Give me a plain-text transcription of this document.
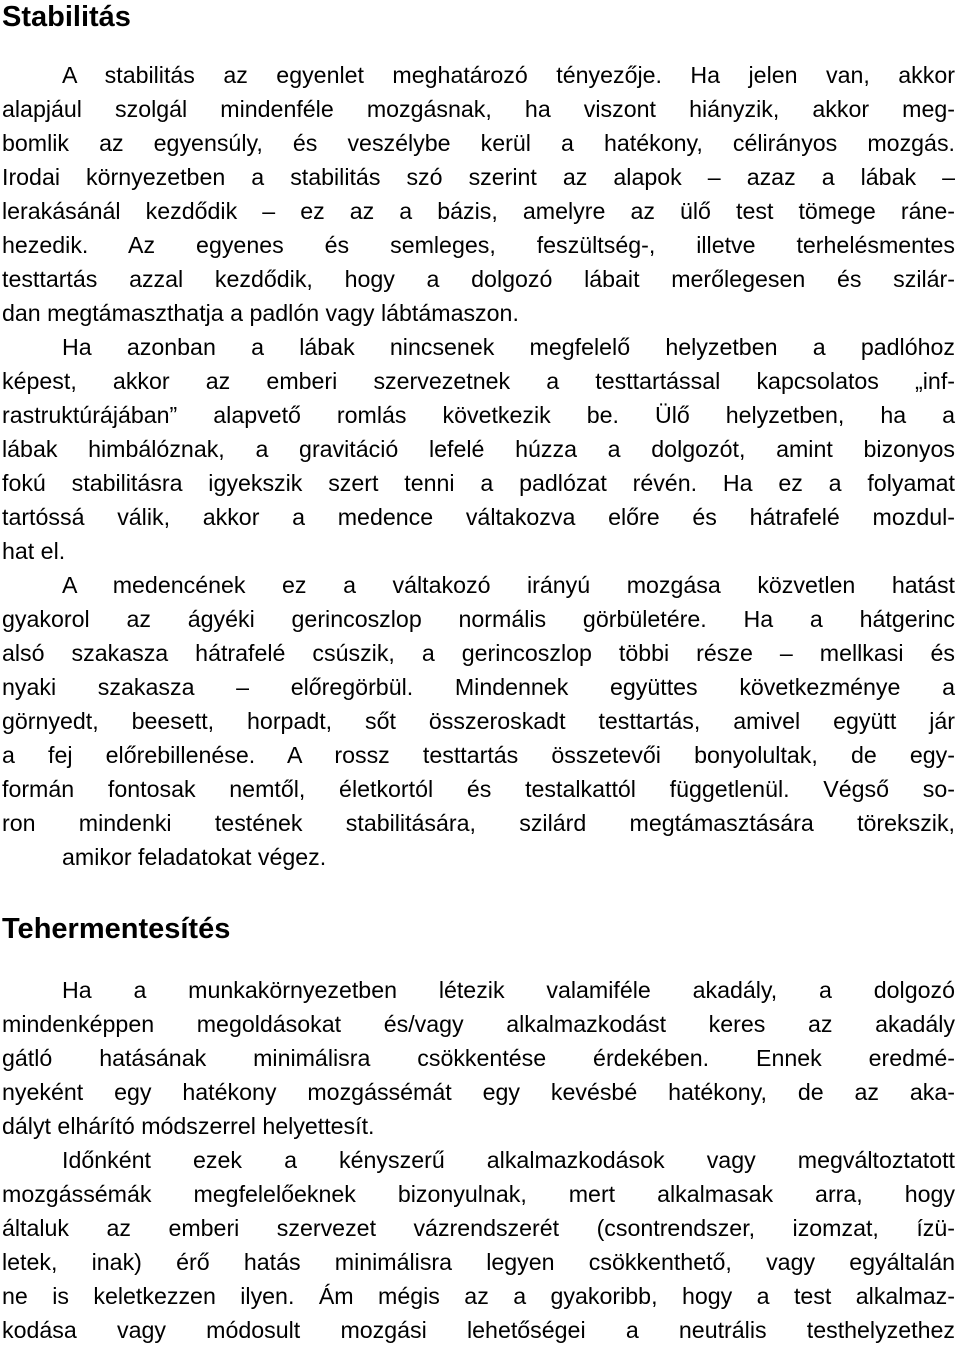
Stabilitás
A stabilitás az egyenlet meghatározó tényezője. Ha jelen van, akkor
alapjául szolgál mindenféle mozgásnak, ha viszont hiányzik, akkor meg-
bomlik az egyensúly, és veszélybe kerül a hatékony, célirányos mozgás.
Irodai környezetben a stabilitás szó szerint az alapok – azaz a lábak –
lerakásánál kezdődik – ez az a bázis, amelyre az ülő test tömege ráne-
hezedik. Az egyenes és semleges, feszültség-, illetve terhelésmentes
testtartás azzal kezdődik, hogy a dolgozó lábait merőlegesen és szilár-
dan megtámaszthatja a padlón vagy lábtámaszon.
Ha azonban a lábak nincsenek megfelelő helyzetben a padlóhoz
képest, akkor az emberi szervezetnek a testtartással kapcsolatos „inf-
rastruktúrájában” alapvető romlás következik be. Ülő helyzetben, ha a
lábak himbálóznak, a gravitáció lefelé húzza a dolgozót, amint bizonyos
fokú stabilitásra igyekszik szert tenni a padlózat révén. Ha ez a folyamat
tartóssá válik, akkor a medence váltakozva előre és hátrafelé mozdul-
hat el.
A medencének ez a váltakozó irányú mozgása közvetlen hatást
gyakorol az ágyéki gerincoszlop normális görbületére. Ha a hátgerinc
alsó szakasza hátrafelé csúszik, a gerincoszlop többi része – mellkasi és
nyaki szakasza – előregörbül. Mindennek együttes következménye a
görnyedt, beesett, horpadt, sőt összeroskadt testtartás, amivel együtt jár
a fej előrebillenése. A rossz testtartás összetevői bonyolultak, de egy-
formán fontosak nemtől, életkortól és testalkattól függetlenül. Végső so-
ron mindenki testének stabilitására, szilárd megtámasztására törekszik,
amikor feladatokat végez.
Tehermentesítés
Ha a munkakörnyezetben létezik valamiféle akadály, a dolgozó
mindenképpen megoldásokat és/vagy alkalmazkodást keres az akadály
gátló hatásának minimálisra csökkentése érdekében. Ennek eredmé-
nyeként egy hatékony mozgássémát egy kevésbé hatékony, de az aka-
dályt elhárító módszerrel helyettesít.
Időnként ezek a kényszerű alkalmazkodások vagy megváltoztatott
mozgássémák megfelelőeknek bizonyulnak, mert alkalmasak arra, hogy
általuk az emberi szervezet vázrendszerét (csontrendszer, izomzat, ízü-
letek, inak) érő hatás minimálisra legyen csökkenthető, vagy egyáltalán
ne is keletkezzen ilyen. Ám mégis az a gyakoribb, hogy a test alkalmaz-
kodása vagy módosult mozgási lehetőségei a neutrális testhelyzethez
